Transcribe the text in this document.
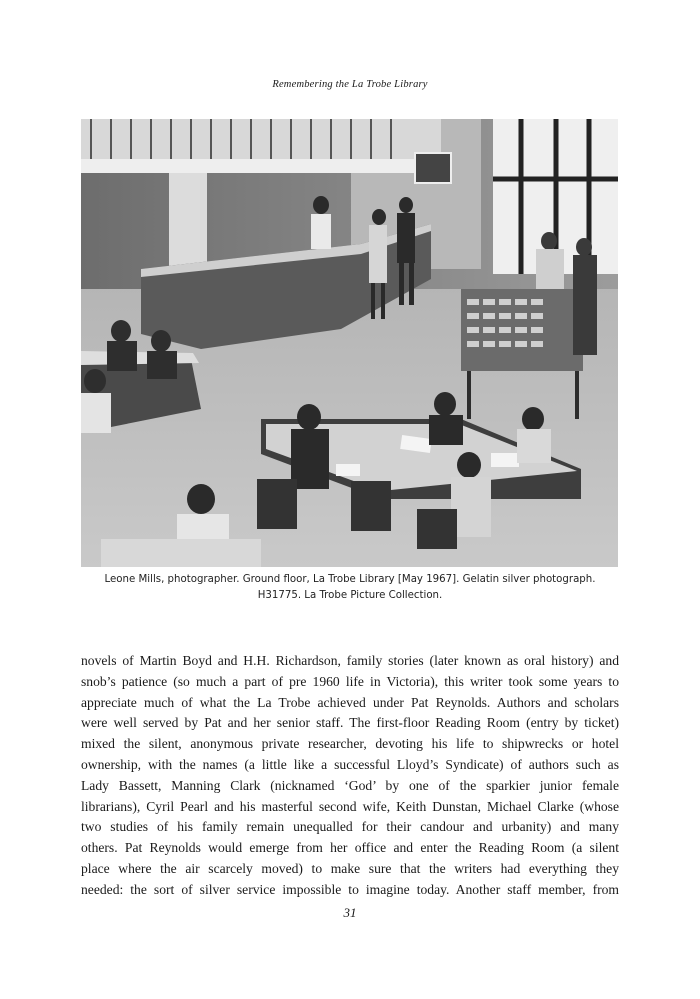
Remembering the La Trobe Library
Leone Mills, photographer. Ground floor, La Trobe Library [May 1967]. Gelatin silver photograph.
H31775. La Trobe Picture Collection.
novels of Martin Boyd and H.H. Richardson, family stories (later known as oral history) and
snob’s patience (so much a part of pre 1960 life in Victoria), this writer took some years to
appreciate much of what the La Trobe achieved under Pat Reynolds. Authors and scholars
were well served by Pat and her senior staff. The first-floor Reading Room (entry by ticket)
mixed the silent, anonymous private researcher, devoting his life to shipwrecks or hotel
ownership, with the names (a little like a successful Lloyd’s Syndicate) of authors such as
Lady Bassett, Manning Clark (nicknamed ‘God’ by one of the sparkier junior female
librarians), Cyril Pearl and his masterful second wife, Keith Dunstan, Michael Clarke (whose
two studies of his family remain unequalled for their candour and urbanity) and many
others. Pat Reynolds would emerge from her office and enter the Reading Room (a silent
place where the air scarcely moved) to make sure that the writers had everything they
needed: the sort of silver service impossible to imagine today. Another staff member, from
31
